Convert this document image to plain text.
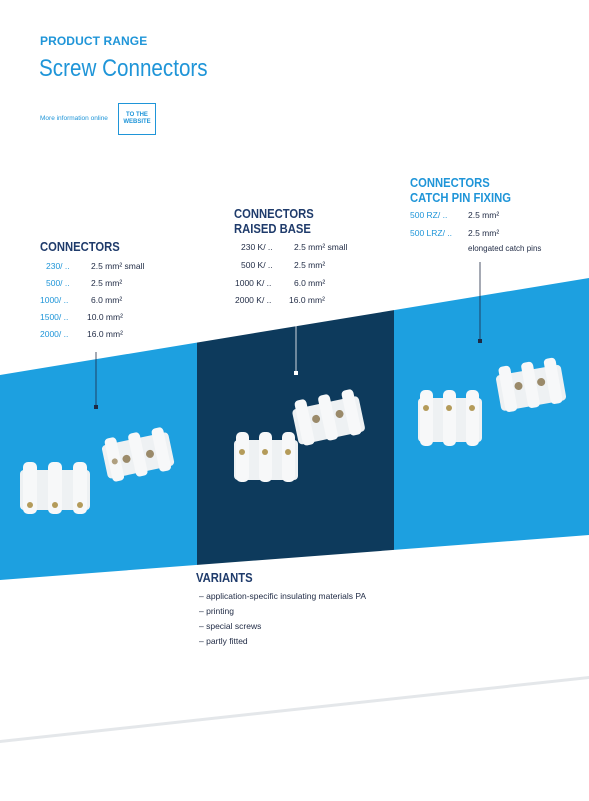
PRODUCT RANGE
Screw Connectors
More information online	TO THE
WEBSITE
CONNECTORS
230/ ..	2.5 mm² small
500/ ..	2.5 mm²
1000/ ..	6.0 mm²
1500/ .. 10.0 mm²
2000/ .. 16.0 mm²
CONNECTORS
RAISED BASE
230 K/ ..	2.5 mm² small
500 K/ ..	2.5 mm²
1000 K/ ..	6.0 mm²
2000 K/ .. 16.0 mm²
CONNECTORS
CATCH PIN FIXING
500 RZ/ .. 2.5 mm²
500 LRZ/ .. 2.5 mm²
elongated catch pins
VARIANTS
– application-specific insulating materials PA
– printing
– special screws
– partly fitted
